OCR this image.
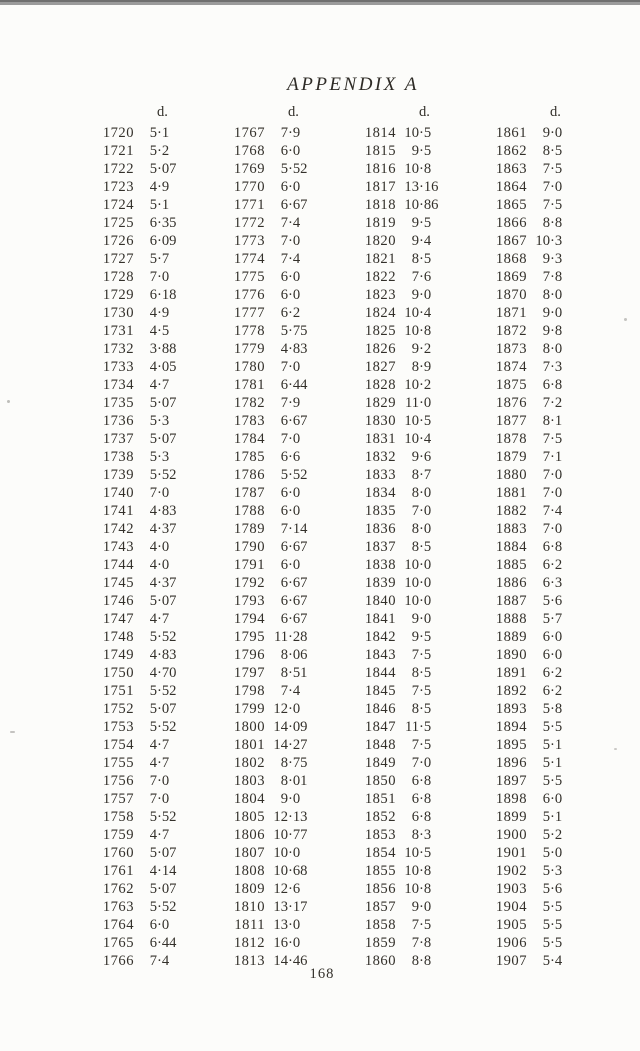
APPENDIX A
d.	d.	d.	d.
1720	5·1	1767	7·9	1814 10·5	1861	9·0
1721	5·2	1768	6·0	1815	9·5	1862	8·5
1722	5·07	1769	5·52	1816 10·8	1863	7·5
1723	4·9	1770	6·0	1817 13·16	1864	7·0
1724	5·1	1771	6·67	1818 10·86	1865	7·5
1725	6·35	1772	7·4	1819	9·5	1866	8·8
1726	6·09	1773	7·0	1820	9·4	1867 10·3
1727	5·7	1774	7·4	1821	8·5	1868	9·3
1728	7·0	1775	6·0	1822	7·6	1869	7·8
1729	6·18	1776	6·0	1823	9·0	1870	8·0
1730	4·9	1777	6·2	1824 10·4	1871	9·0
1731	4·5	1778	5·75	1825 10·8	1872	9·8
1732	3·88	1779	4·83	1826	9·2	1873	8·0
1733	4·05	1780	7·0	1827	8·9	1874	7·3
1734	4·7	1781	6·44	1828 10·2	1875	6·8
1735	5·07	1782	7·9	1829 11·0	1876	7·2
1736	5·3	1783	6·67	1830 10·5	1877	8·1
1737	5·07	1784	7·0	1831 10·4	1878	7·5
1738	5·3	1785	6·6	1832	9·6	1879	7·1
1739	5·52	1786	5·52	1833	8·7	1880	7·0
1740	7·0	1787	6·0	1834	8·0	1881	7·0
1741	4·83	1788	6·0	1835	7·0	1882	7·4
1742	4·37	1789	7·14	1836	8·0	1883	7·0
1743	4·0	1790	6·67	1837	8·5	1884	6·8
1744	4·0	1791	6·0	1838 10·0	1885	6·2
1745	4·37	1792	6·67	1839 10·0	1886	6·3
1746	5·07	1793	6·67	1840 10·0	1887	5·6
1747	4·7	1794	6·67	1841	9·0	1888	5·7
1748	5·52	1795 11·28	1842	9·5	1889	6·0
1749	4·83	1796	8·06	1843	7·5	1890	6·0
1750	4·70	1797	8·51	1844	8·5	1891	6·2
1751	5·52	1798	7·4	1845	7·5	1892	6·2
1752	5·07	1799 12·0	1846	8·5	1893	5·8
1753	5·52	1800 14·09	1847 11·5	1894	5·5
1754	4·7	1801 14·27	1848	7·5	1895	5·1
1755	4·7	1802	8·75	1849	7·0	1896	5·1
1756	7·0	1803	8·01	1850	6·8	1897	5·5
1757	7·0	1804	9·0	1851	6·8	1898	6·0
1758	5·52	1805 12·13	1852	6·8	1899	5·1
1759	4·7	1806 10·77	1853	8·3	1900	5·2
1760	5·07	1807 10·0	1854 10·5	1901	5·0
1761	4·14	1808 10·68	1855 10·8	1902	5·3
1762	5·07	1809 12·6	1856 10·8	1903	5·6
1763	5·52	1810 13·17	1857	9·0	1904	5·5
1764	6·0	1811 13·0	1858	7·5	1905	5·5
1765	6·44	1812 16·0	1859	7·8	1906	5·5
1766	7·4	1813 14·46	1860	8·8	1907	5·4
168
